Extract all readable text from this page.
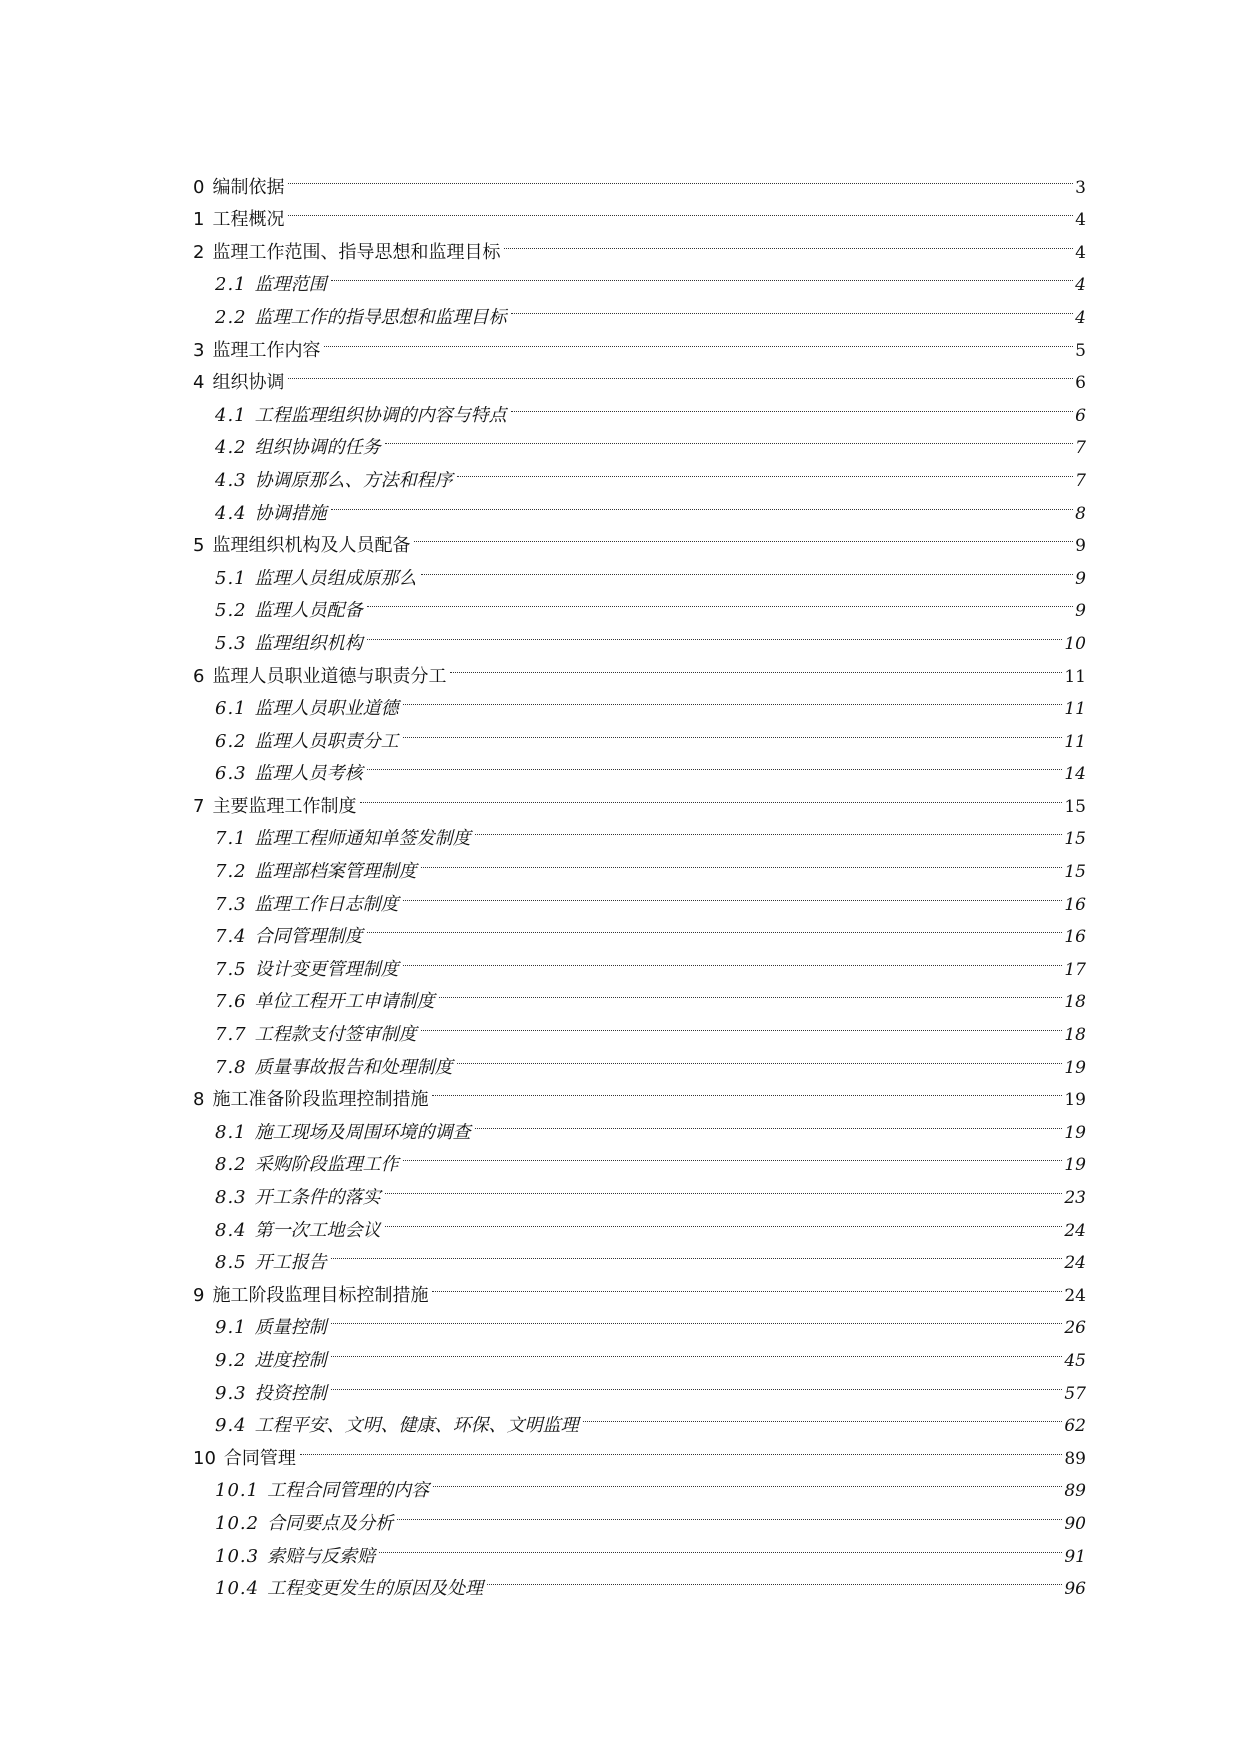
0 编制依据	3
1 工程概况	4
2 监理工作范围、指导思想和监理目标	4
2.1 监理范围	4
2.2 监理工作的指导思想和监理目标	4
3 监理工作内容	5
4 组织协调	6
4.1 工程监理组织协调的内容与特点	6
4.2 组织协调的任务	7
4.3 协调原那么、方法和程序	7
4.4 协调措施	8
5 监理组织机构及人员配备	9
5.1 监理人员组成原那么	9
5.2 监理人员配备	9
5.3 监理组织机构	10
6 监理人员职业道德与职责分工	11
6.1 监理人员职业道德	11
6.2 监理人员职责分工	11
6.3 监理人员考核	14
7 主要监理工作制度	15
7.1 监理工程师通知单签发制度	15
7.2 监理部档案管理制度	15
7.3 监理工作日志制度	16
7.4 合同管理制度	16
7.5 设计变更管理制度	17
7.6 单位工程开工申请制度	18
7.7 工程款支付签审制度	18
7.8 质量事故报告和处理制度	19
8 施工准备阶段监理控制措施	19
8.1 施工现场及周围环境的调查	19
8.2 采购阶段监理工作	19
8.3 开工条件的落实	23
8.4 第一次工地会议	24
8.5 开工报告	24
9 施工阶段监理目标控制措施	24
9.1 质量控制	26
9.2 进度控制	45
9.3 投资控制	57
9.4 工程平安、文明、健康、环保、文明监理	62
10 合同管理	89
10.1 工程合同管理的内容	89
10.2 合同要点及分析	90
10.3 索赔与反索赔	91
10.4 工程变更发生的原因及处理	96
